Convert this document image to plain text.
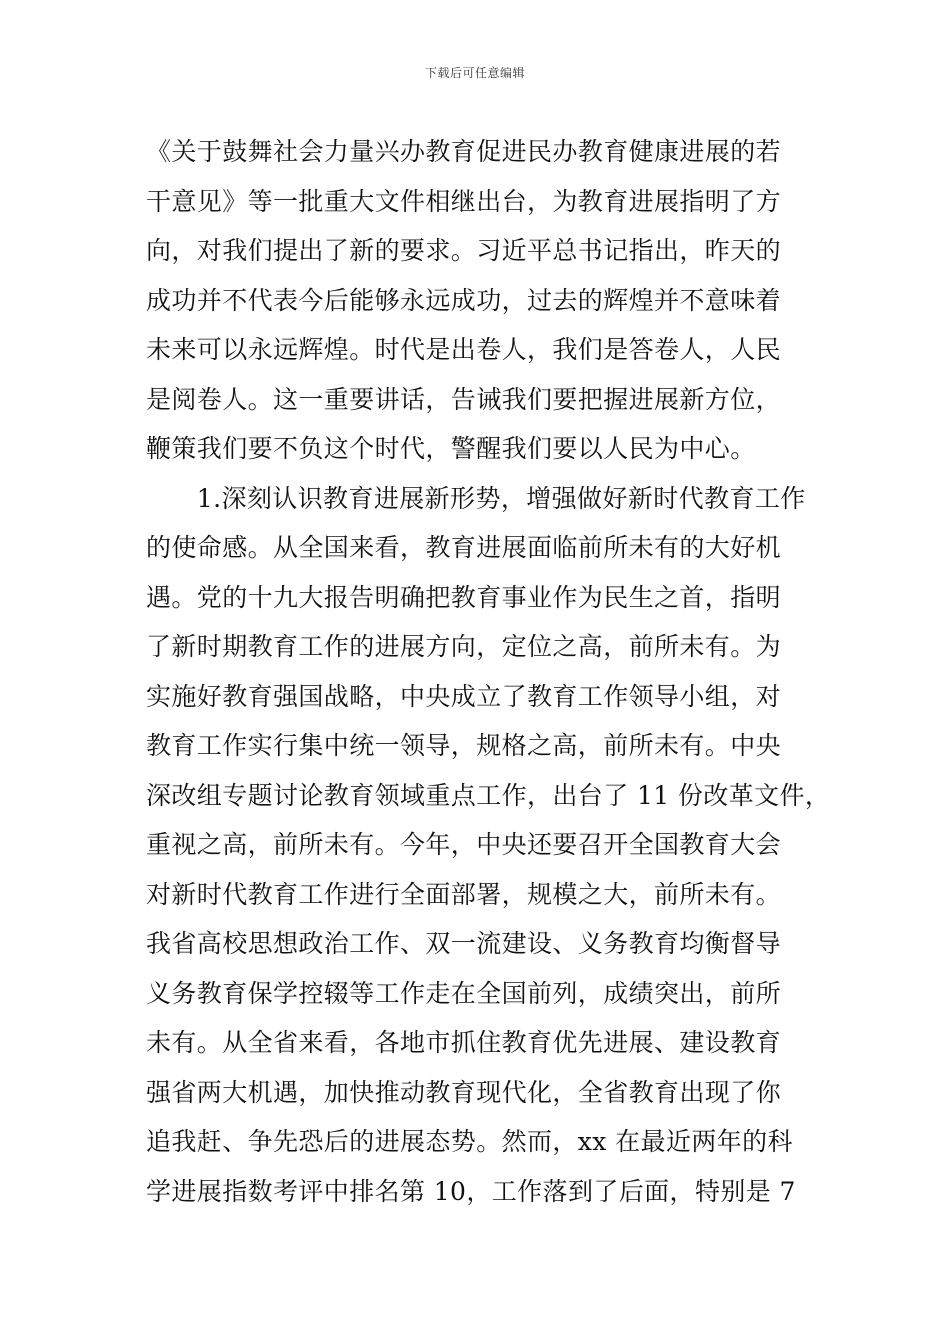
下载后可任意编辑
《关于鼓舞社会力量兴办教育促进民办教育健康进展的若
干意见》等一批重大文件相继出台，为教育进展指明了方
向，对我们提出了新的要求。习近平总书记指出，昨天的
成功并不代表今后能够永远成功，过去的辉煌并不意味着
未来可以永远辉煌。时代是出卷人，我们是答卷人，人民
是阅卷人。这一重要讲话，告诫我们要把握进展新方位，
鞭策我们要不负这个时代，警醒我们要以人民为中心。
　　1.深刻认识教育进展新形势，增强做好新时代教育工作
的使命感。从全国来看，教育进展面临前所未有的大好机
遇。党的十九大报告明确把教育事业作为民生之首，指明
了新时期教育工作的进展方向，定位之高，前所未有。为
实施好教育强国战略，中央成立了教育工作领导小组，对
教育工作实行集中统一领导，规格之高，前所未有。中央
深改组专题讨论教育领域重点工作，出台了 11 份改革文件，
重视之高，前所未有。今年，中央还要召开全国教育大会
对新时代教育工作进行全面部署，规模之大，前所未有。
我省高校思想政治工作、双一流建设、义务教育均衡督导
义务教育保学控辍等工作走在全国前列，成绩突出，前所
未有。从全省来看，各地市抓住教育优先进展、建设教育
强省两大机遇，加快推动教育现代化，全省教育出现了你
追我赶、争先恐后的进展态势。然而，xx 在最近两年的科
学进展指数考评中排名第 10，工作落到了后面，特别是 7
